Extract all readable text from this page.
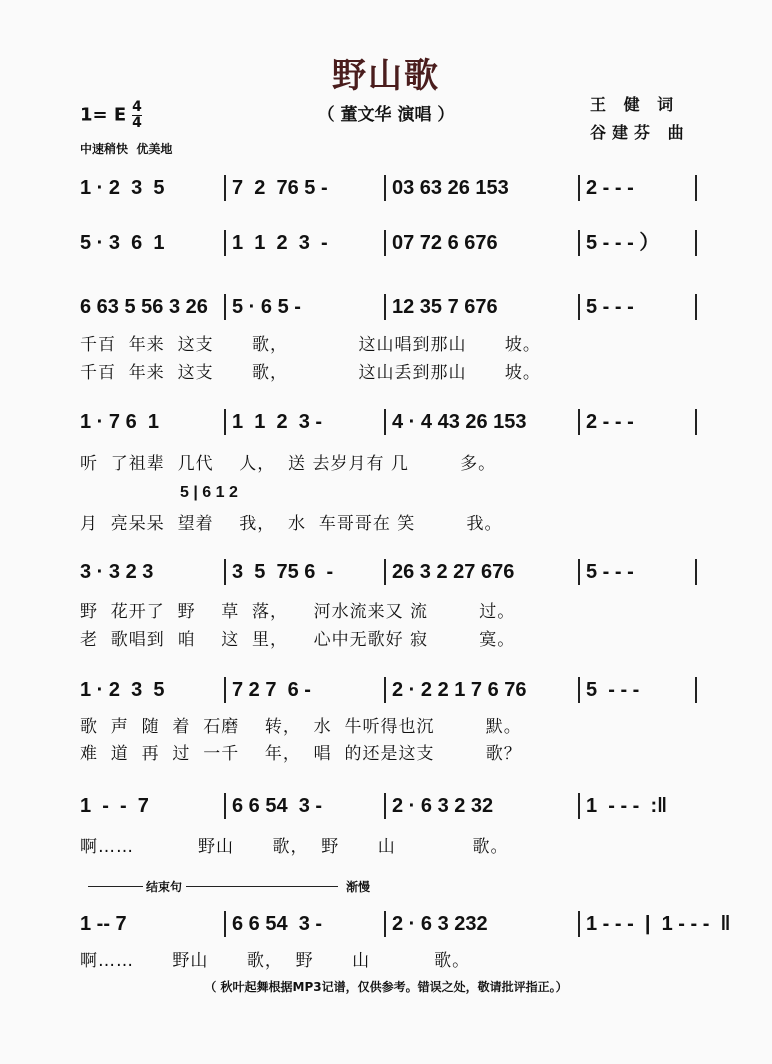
野山歌
（ 董文华 演唱 ）
王 健 词
谷建芬 曲
1= E $\frac{4}{4}$
中速稍快  优美地
1 · 2  3  5	7  2  76 5 -	03 63 26 153	2 - - -
5 · 3  6  1	1  1  2  3  -	07 72 6 676	5 - - - ）
6 63 5 56 3 26 5 · 6 5 -	12 35 7 676	5 - - -
千百  年来  这支      歌，           这山唱到那山      坡。
千百  年来  这支      歌，           这山丢到那山      坡。
1 · 7 6  1	1  1  2  3 -	4 · 4 43 26 153	2 - - -
听  了祖辈  几代    人，  送 去岁月有 几        多。
3 · 3 2 3	3  5  75 6  -	26 3 2 27 676	5 - - -
野  花开了  野    草  落，    河水流来又 流        过。
老  歌唱到  咱    这  里，    心中无歌好 寂        寞。
1 · 2  3  5	7 2 7  6 -	2 · 2 2 1 7 6 76	5  - - -
歌  声  随  着  石磨    转，  水  牛听得也沉        默。
难  道  再  过  一千    年，  唱  的还是这支        歌？
1  -  -  7	6 6 54  3 -	2 · 6 3 2 32	1  - - -  :‖
啊……          野山      歌，  野      山            歌。
1 -- 7	6 6 54  3 -	2 · 6 3 232	1 - - -  |  1 - - -  ‖
啊……      野山      歌，  野      山          歌。
5 | 6 1 2
月  亮呆呆  望着    我，  水  车哥哥在 笑        我。
结束句	渐慢
（ 秋叶起舞根据MP3记谱，仅供参考。错误之处，敬请批评指正。）
